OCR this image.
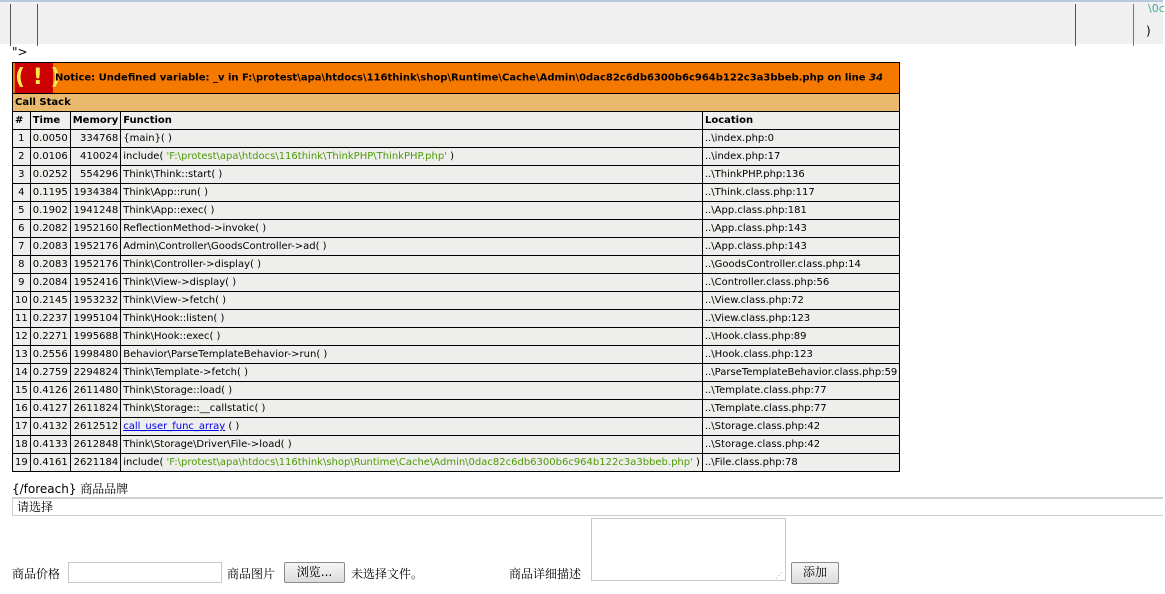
\0c
)
">
( ! )Notice: Undefined variable: _v in F:\protest\apa\htdocs\116think\shop\Runtime\Cache\Admin\0dac82c6db6300b6c964b122c3a3bbeb.php on line 34				
Call Stack				
#	Time	Memory	Function	Location
1	0.0050	334768	{main}( )	..\index.php:0
2	0.0106	410024	include( 'F:\protest\apa\htdocs\116think\ThinkPHP\ThinkPHP.php' )	..\index.php:17
3	0.0252	554296	Think\Think::start( )	..\ThinkPHP.php:136
4	0.1195	1934384	Think\App::run( )	..\Think.class.php:117
5	0.1902	1941248	Think\App::exec( )	..\App.class.php:181
6	0.2082	1952160	ReflectionMethod->invoke( )	..\App.class.php:143
7	0.2083	1952176	Admin\Controller\GoodsController->ad( )	..\App.class.php:143
8	0.2083	1952176	Think\Controller->display( )	..\GoodsController.class.php:14
9	0.2084	1952416	Think\View->display( )	..\Controller.class.php:56
10	0.2145	1953232	Think\View->fetch( )	..\View.class.php:72
11	0.2237	1995104	Think\Hook::listen( )	..\View.class.php:123
12	0.2271	1995688	Think\Hook::exec( )	..\Hook.class.php:89
13	0.2556	1998480	Behavior\ParseTemplateBehavior->run( )	..\Hook.class.php:123
14	0.2759	2294824	Think\Template->fetch( )	..\ParseTemplateBehavior.class.php:59
15	0.4126	2611480	Think\Storage::load( )	..\Template.class.php:77
16	0.4127	2611824	Think\Storage::__callstatic( )	..\Template.class.php:77
17	0.4132	2612512	call_user_func_array ( )	..\Storage.class.php:42
18	0.4133	2612848	Think\Storage\Driver\File->load( )	..\Storage.class.php:42
19	0.4161	2621184	include( 'F:\protest\apa\htdocs\116think\shop\Runtime\Cache\Admin\0dac82c6db6300b6c964b122c3a3bbeb.php' )	..\File.class.php:78
{/foreach} 商品品牌
请选择
商品价格	商品图片	浏览...	未选择文件。	商品详细描述	⋰	添加
